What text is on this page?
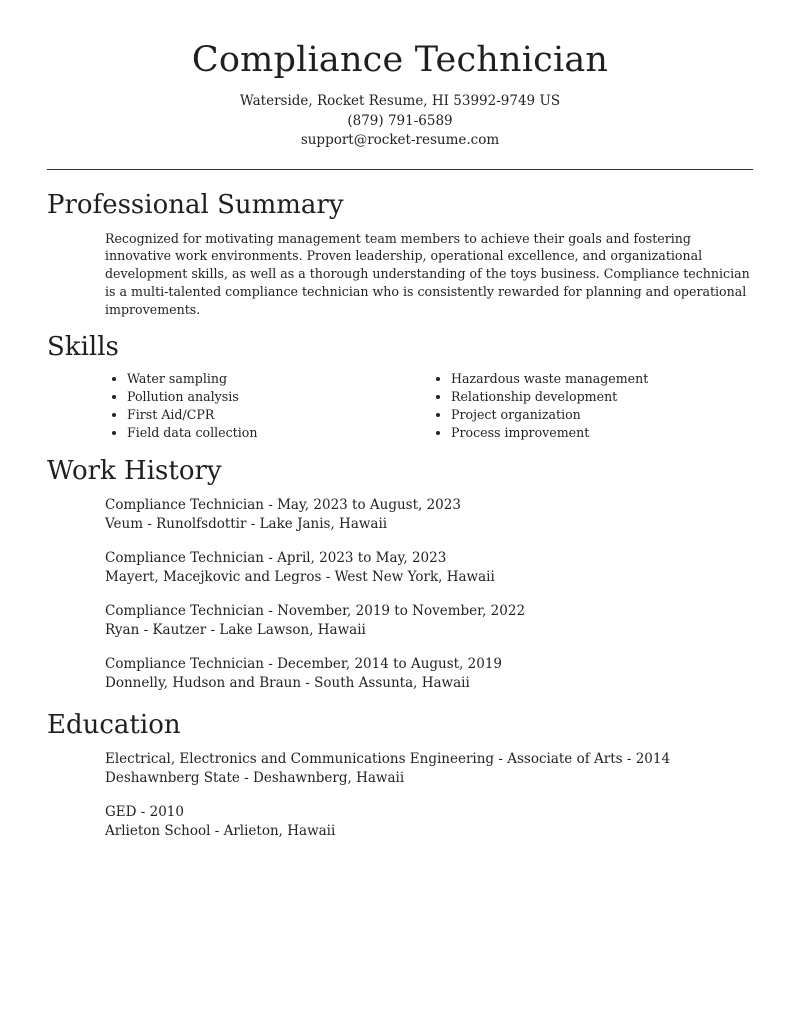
Compliance Technician
Waterside, Rocket Resume, HI 53992-9749 US
(879) 791-6589
support@rocket-resume.com
Professional Summary

Recognized for motivating management team members to achieve their goals and fostering innovative work environments. Proven leadership, operational excellence, and organizational development skills, as well as a thorough understanding of the toys business. Compliance technician is a multi-talented compliance technician who is consistently rewarded for planning and operational improvements.

Skills
• Water sampling
• Pollution analysis
• First Aid/CPR
• Field data collection
• Hazardous waste management
• Relationship development
• Project organization
• Process improvement
Work History
Compliance Technician - May, 2023 to August, 2023
Veum - Runolfsdottir - Lake Janis, Hawaii
Compliance Technician - April, 2023 to May, 2023
Mayert, Macejkovic and Legros - West New York, Hawaii
Compliance Technician - November, 2019 to November, 2022
Ryan - Kautzer - Lake Lawson, Hawaii
Compliance Technician - December, 2014 to August, 2019
Donnelly, Hudson and Braun - South Assunta, Hawaii
Education
Electrical, Electronics and Communications Engineering - Associate of Arts - 2014
Deshawnberg State - Deshawnberg, Hawaii
GED - 2010
Arlieton School - Arlieton, Hawaii
